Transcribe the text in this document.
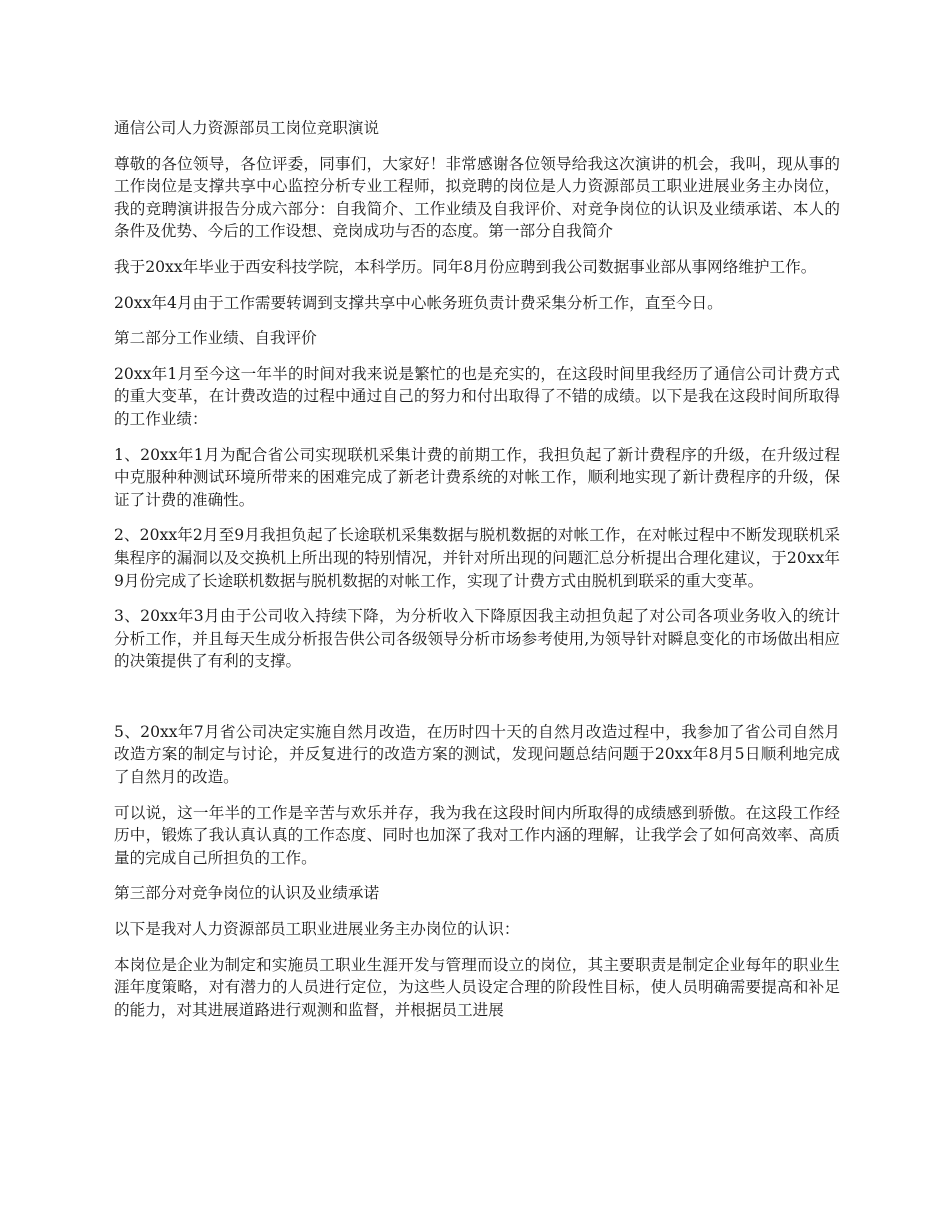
通信公司人力资源部员工岗位竞职演说

尊敬的各位领导，各位评委，同事们，大家好！非常感谢各位领导给我这次演讲的机会，我叫，现从事的工作岗位是支撑共享中心监控分析专业工程师，拟竞聘的岗位是人力资源部员工职业进展业务主办岗位，我的竞聘演讲报告分成六部分：自我简介、工作业绩及自我评价、对竞争岗位的认识及业绩承诺、本人的条件及优势、今后的工作设想、竞岗成功与否的态度。第一部分自我简介

我于20xx年毕业于西安科技学院，本科学历。同年8月份应聘到我公司数据事业部从事网络维护工作。

20xx年4月由于工作需要转调到支撑共享中心帐务班负责计费采集分析工作，直至今日。

第二部分工作业绩、自我评价

20xx年1月至今这一年半的时间对我来说是繁忙的也是充实的，在这段时间里我经历了通信公司计费方式的重大变革，在计费改造的过程中通过自己的努力和付出取得了不错的成绩。以下是我在这段时间所取得的工作业绩：

1、20xx年1月为配合省公司实现联机采集计费的前期工作，我担负起了新计费程序的升级，在升级过程中克服种种测试环境所带来的困难完成了新老计费系统的对帐工作，顺利地实现了新计费程序的升级，保证了计费的准确性。

2、20xx年2月至9月我担负起了长途联机采集数据与脱机数据的对帐工作，在对帐过程中不断发现联机采集程序的漏洞以及交换机上所出现的特别情况，并针对所出现的问题汇总分析提出合理化建议，于20xx年9月份完成了长途联机数据与脱机数据的对帐工作，实现了计费方式由脱机到联采的重大变革。

3、20xx年3月由于公司收入持续下降，为分析收入下降原因我主动担负起了对公司各项业务收入的统计分析工作，并且每天生成分析报告供公司各级领导分析市场参考使用,为领导针对瞬息变化的市场做出相应的决策提供了有利的支撑。

5、20xx年7月省公司决定实施自然月改造，在历时四十天的自然月改造过程中，我参加了省公司自然月改造方案的制定与讨论，并反复进行的改造方案的测试，发现问题总结问题于20xx年8月5日顺利地完成了自然月的改造。

可以说，这一年半的工作是辛苦与欢乐并存，我为我在这段时间内所取得的成绩感到骄傲。在这段工作经历中，锻炼了我认真认真的工作态度、同时也加深了我对工作内涵的理解，让我学会了如何高效率、高质量的完成自己所担负的工作。

第三部分对竞争岗位的认识及业绩承诺

以下是我对人力资源部员工职业进展业务主办岗位的认识：

本岗位是企业为制定和实施员工职业生涯开发与管理而设立的岗位，其主要职责是制定企业每年的职业生涯年度策略，对有潜力的人员进行定位，为这些人员设定合理的阶段性目标，使人员明确需要提高和补足的能力，对其进展道路进行观测和监督，并根据员工进展
